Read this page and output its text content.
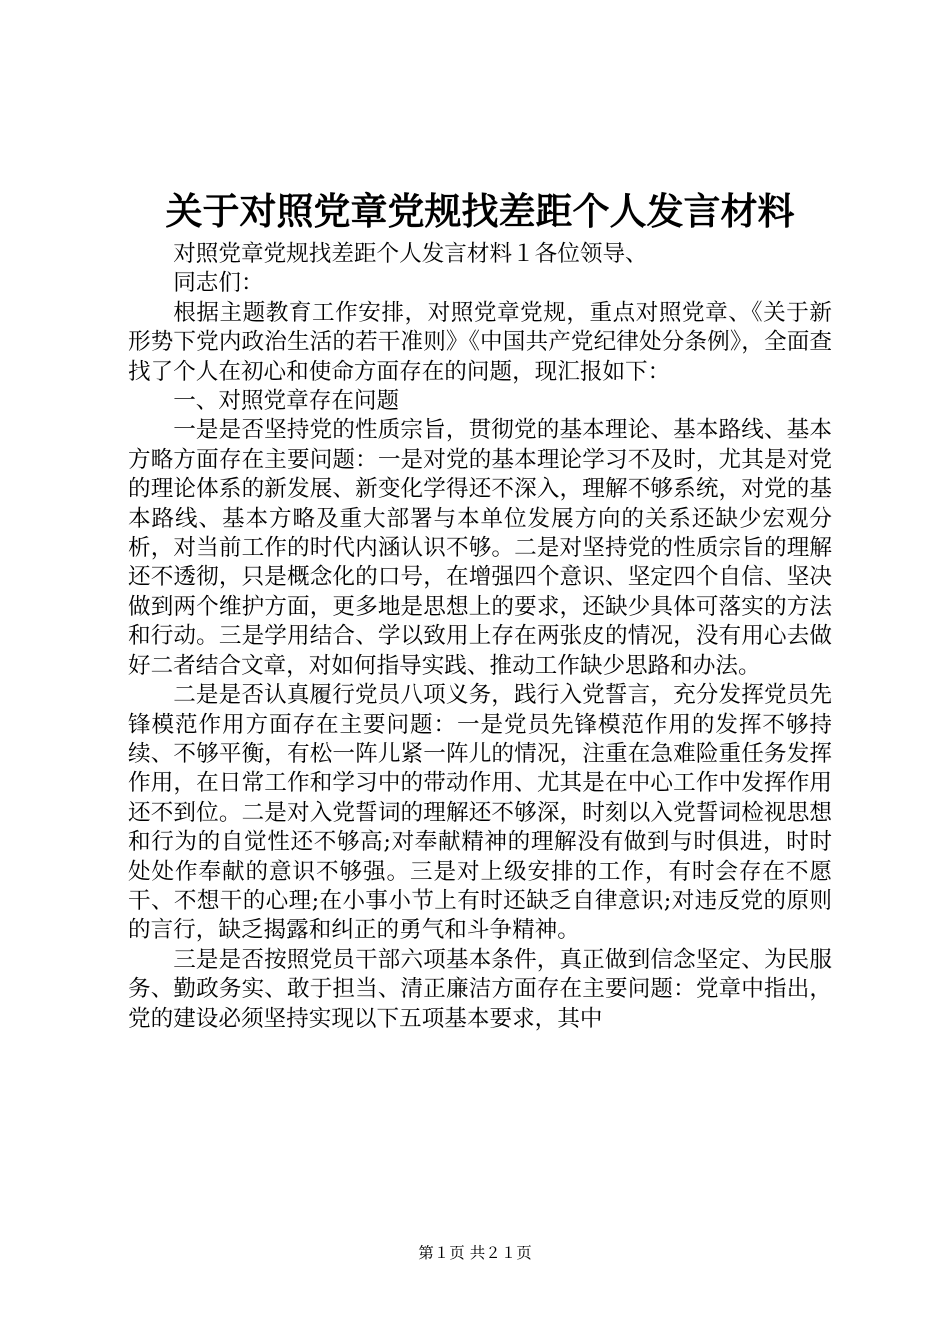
关于对照党章党规找差距个人发言材料

对照党章党规找差距个人发言材料１各位领导、

同志们：

根据主题教育工作安排，对照党章党规，重点对照党章、《关于新形势下党内政治生活的若干准则》《中国共产党纪律处分条例》，全面查找了个人在初心和使命方面存在的问题，现汇报如下：

一、对照党章存在问题

一是是否坚持党的性质宗旨，贯彻党的基本理论、基本路线、基本方略方面存在主要问题：一是对党的基本理论学习不及时，尤其是对党的理论体系的新发展、新变化学得还不深入，理解不够系统，对党的基本路线、基本方略及重大部署与本单位发展方向的关系还缺少宏观分析，对当前工作的时代内涵认识不够。二是对坚持党的性质宗旨的理解还不透彻，只是概念化的口号，在增强四个意识、坚定四个自信、坚决做到两个维护方面，更多地是思想上的要求，还缺少具体可落实的方法和行动。三是学用结合、学以致用上存在两张皮的情况，没有用心去做好二者结合文章，对如何指导实践、推动工作缺少思路和办法。

二是是否认真履行党员八项义务，践行入党誓言，充分发挥党员先锋模范作用方面存在主要问题：一是党员先锋模范作用的发挥不够持续、不够平衡，有松一阵儿紧一阵儿的情况，注重在急难险重任务发挥作用，在日常工作和学习中的带动作用、尤其是在中心工作中发挥作用还不到位。二是对入党誓词的理解还不够深，时刻以入党誓词检视思想和行为的自觉性还不够高;对奉献精神的理解没有做到与时俱进，时时处处作奉献的意识不够强。三是对上级安排的工作，有时会存在不愿干、不想干的心理;在小事小节上有时还缺乏自律意识;对违反党的原则的言行，缺乏揭露和纠正的勇气和斗争精神。

三是是否按照党员干部六项基本条件，真正做到信念坚定、为民服务、勤政务实、敢于担当、清正廉洁方面存在主要问题：党章中指出，党的建设必须坚持实现以下五项基本要求，其中

第１页 共２１页
